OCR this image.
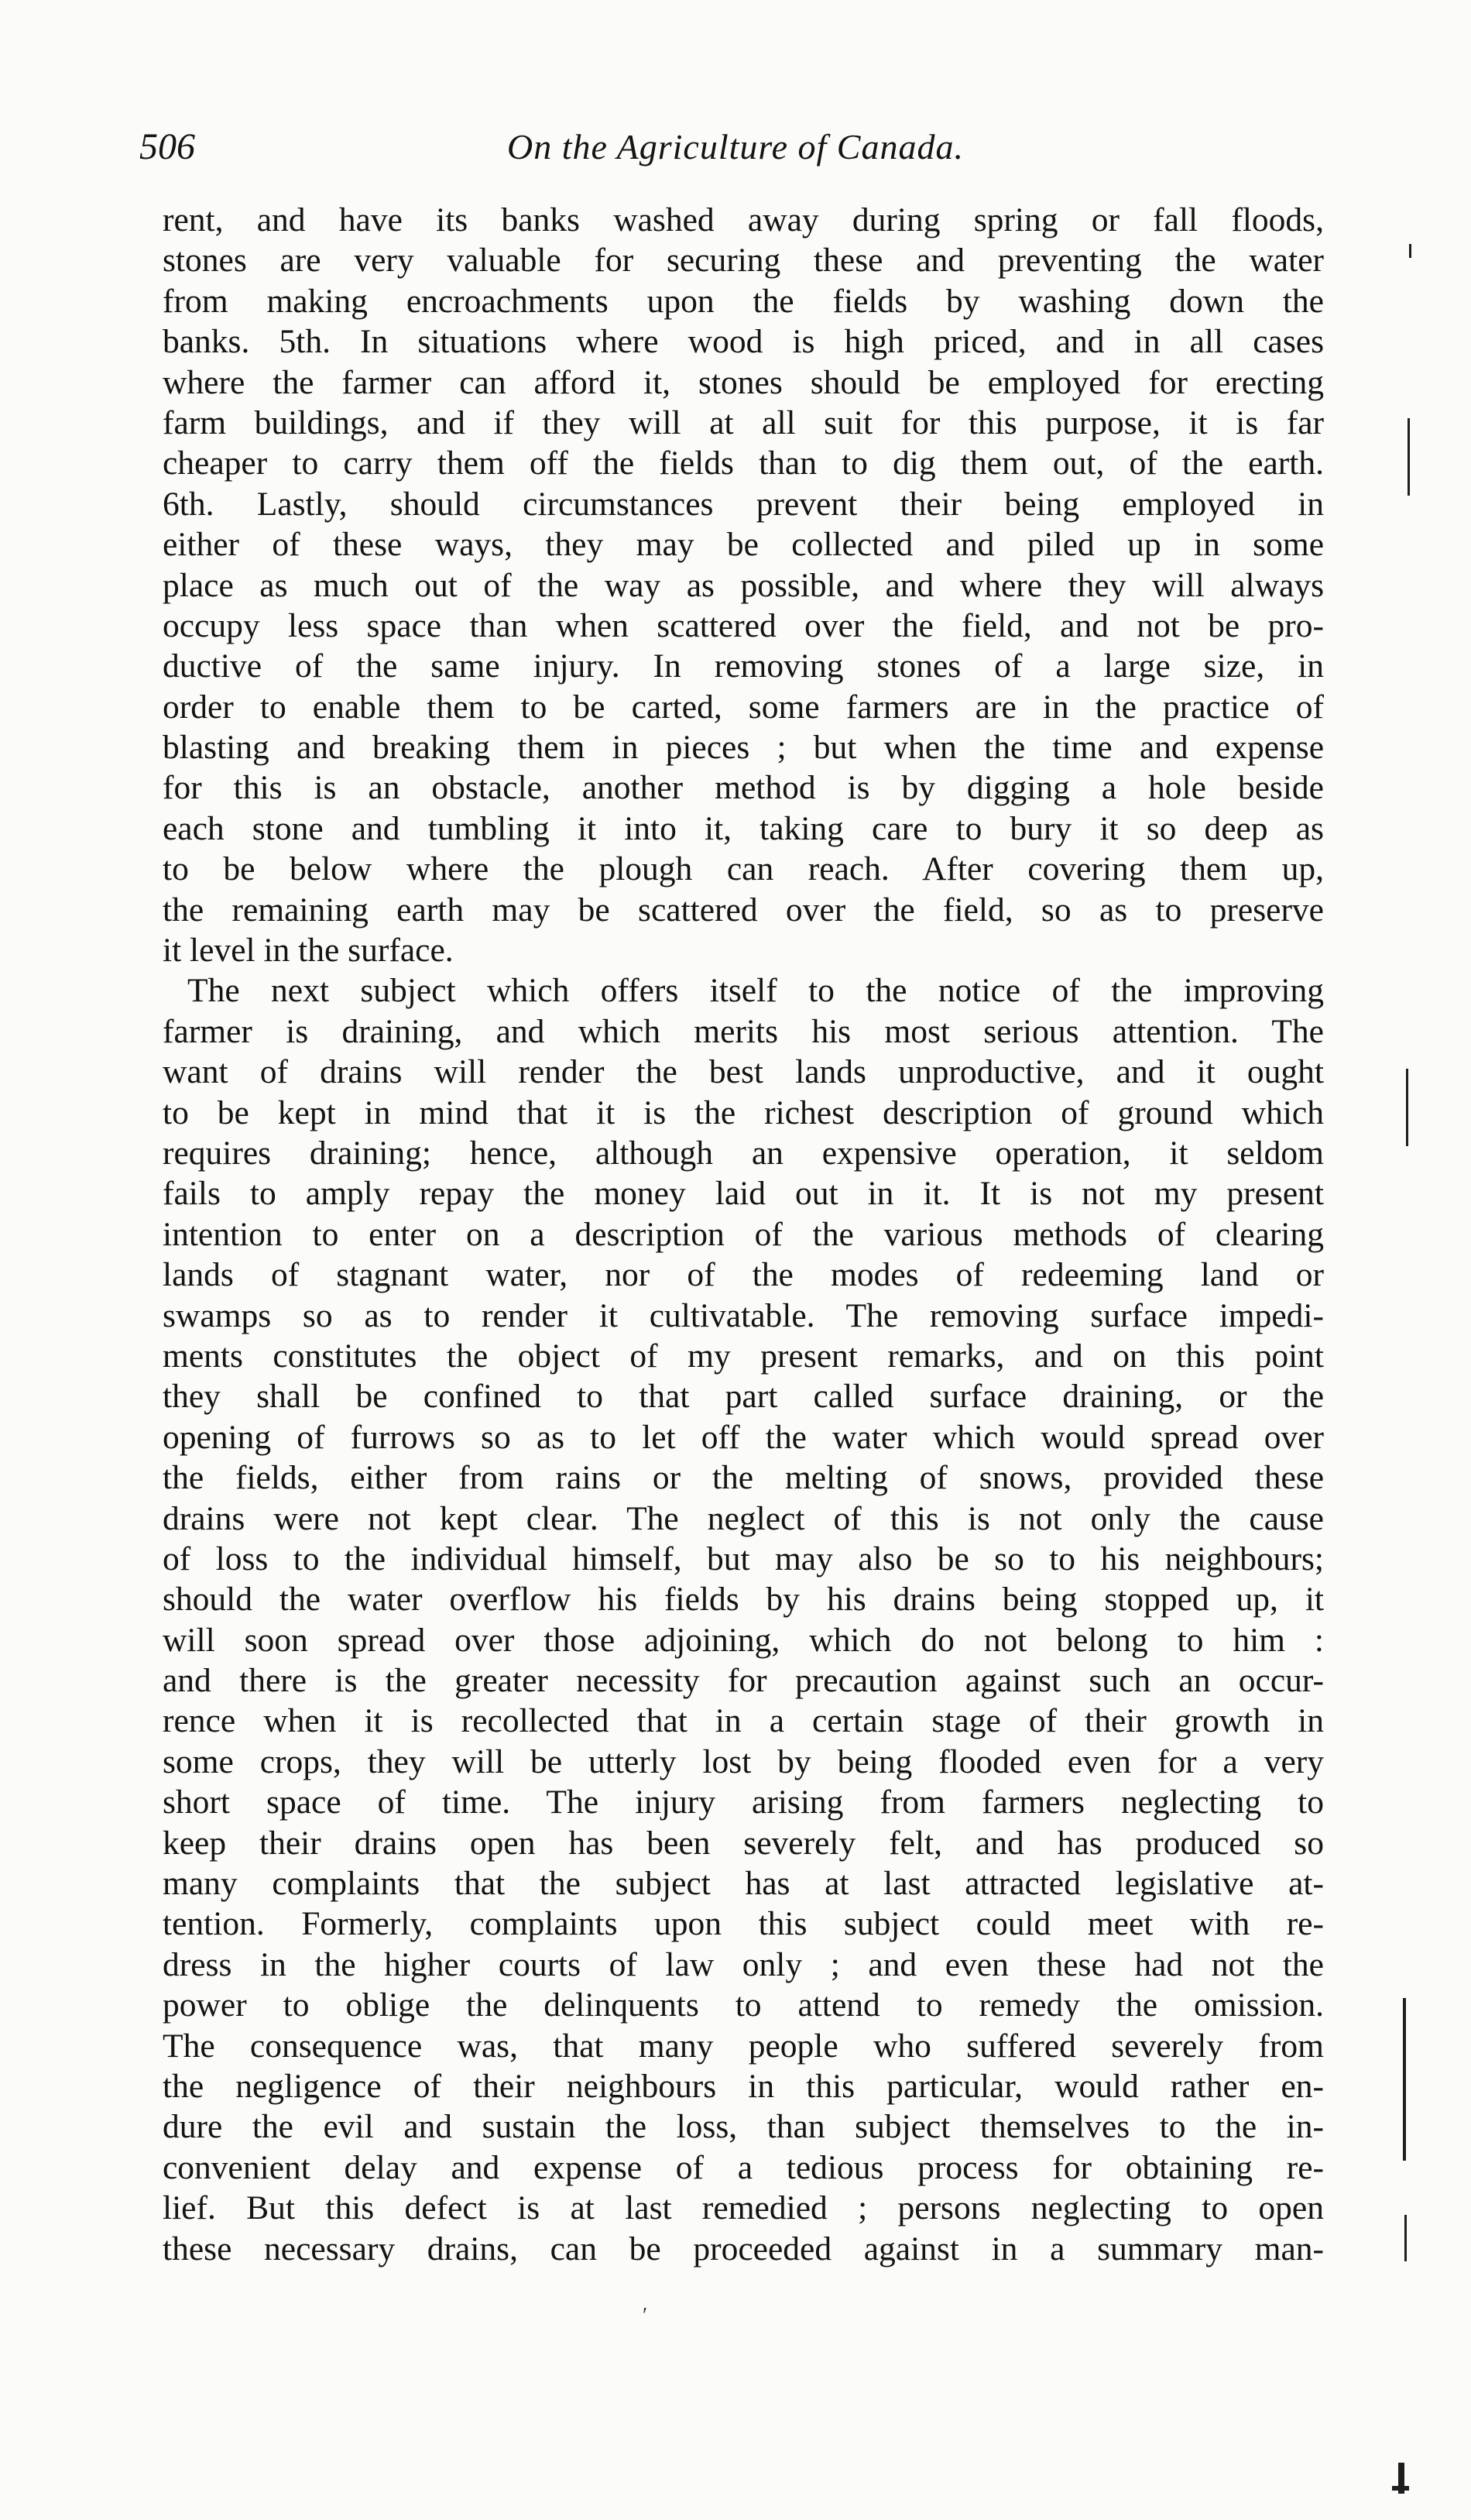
506	On the Agriculture of Canada.
rent, and have its banks washed away during spring or fall floods,
stones are very valuable for securing these and preventing the water
from making encroachments upon the fields by washing down the
banks. 5th. In situations where wood is high priced, and in all cases
where the farmer can afford it, stones should be employed for erecting
farm buildings, and if they will at all suit for this purpose, it is far
cheaper to carry them off the fields than to dig them out, of the earth.
6th. Lastly, should circumstances prevent their being employed in
either of these ways, they may be collected and piled up in some
place as much out of the way as possible, and where they will always
occupy less space than when scattered over the field, and not be pro-
ductive of the same injury. In removing stones of a large size, in
order to enable them to be carted, some farmers are in the practice of
blasting and breaking them in pieces ; but when the time and expense
for this is an obstacle, another method is by digging a hole beside
each stone and tumbling it into it, taking care to bury it so deep as
to be below where the plough can reach. After covering them up,
the remaining earth may be scattered over the field, so as to preserve
it level in the surface.
The next subject which offers itself to the notice of the improving
farmer is draining, and which merits his most serious attention. The
want of drains will render the best lands unproductive, and it ought
to be kept in mind that it is the richest description of ground which
requires draining; hence, although an expensive operation, it seldom
fails to amply repay the money laid out in it. It is not my present
intention to enter on a description of the various methods of clearing
lands of stagnant water, nor of the modes of redeeming land or
swamps so as to render it cultivatable. The removing surface impedi-
ments constitutes the object of my present remarks, and on this point
they shall be confined to that part called surface draining, or the
opening of furrows so as to let off the water which would spread over
the fields, either from rains or the melting of snows, provided these
drains were not kept clear. The neglect of this is not only the cause
of loss to the individual himself, but may also be so to his neighbours;
should the water overflow his fields by his drains being stopped up, it
will soon spread over those adjoining, which do not belong to him :
and there is the greater necessity for precaution against such an occur-
rence when it is recollected that in a certain stage of their growth in
some crops, they will be utterly lost by being flooded even for a very
short space of time. The injury arising from farmers neglecting to
keep their drains open has been severely felt, and has produced so
many complaints that the subject has at last attracted legislative at-
tention. Formerly, complaints upon this subject could meet with re-
dress in the higher courts of law only ; and even these had not the
power to oblige the delinquents to attend to remedy the omission.
The consequence was, that many people who suffered severely from
the negligence of their neighbours in this particular, would rather en-
dure the evil and sustain the loss, than subject themselves to the in-
convenient delay and expense of a tedious process for obtaining re-
lief. But this defect is at last remedied ; persons neglecting to open
these necessary drains, can be proceeded against in a summary man-
′
